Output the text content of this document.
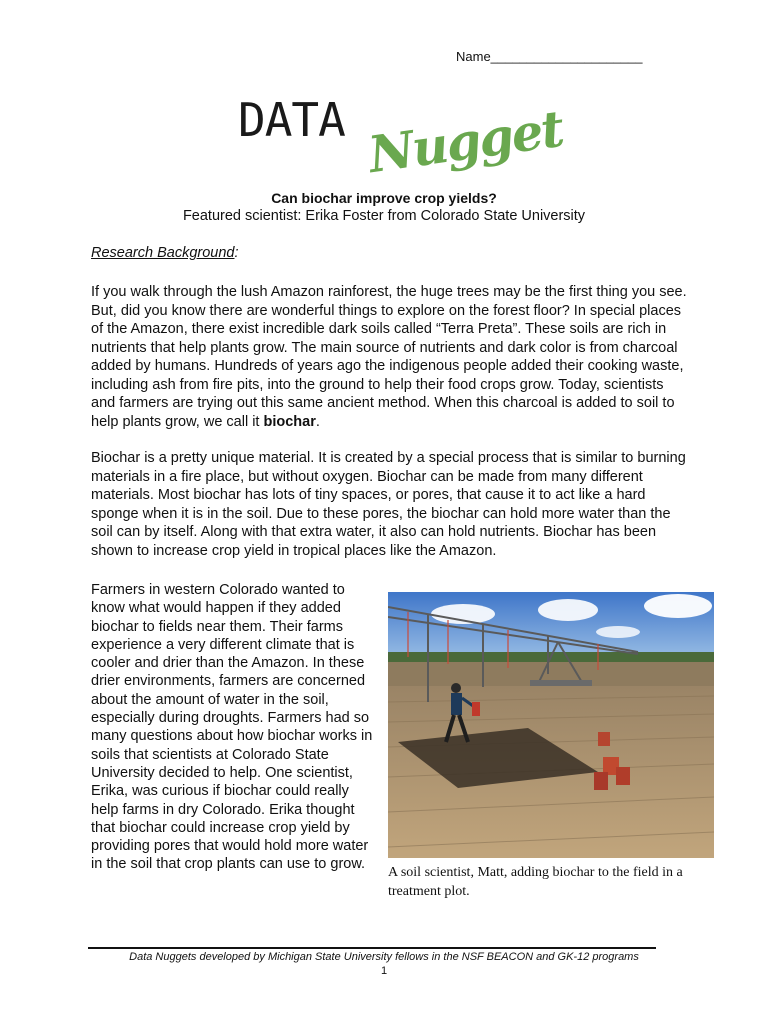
Name_____________________
DATA Nugget
Can biochar improve crop yields?
Featured scientist: Erika Foster from Colorado State University
Research Background:

If you walk through the lush Amazon rainforest, the huge trees may be the first thing you see. But, did you know there are wonderful things to explore on the forest floor? In special places of the Amazon, there exist incredible dark soils called “Terra Preta”. These soils are rich in nutrients that help plants grow. The main source of nutrients and dark color is from charcoal added by humans. Hundreds of years ago the indigenous people added their cooking waste, including ash from fire pits, into the ground to help their food crops grow. Today, scientists and farmers are trying out this same ancient method. When this charcoal is added to soil to help plants grow, we call it biochar.

Biochar is a pretty unique material. It is created by a special process that is similar to burning materials in a fire place, but without oxygen. Biochar can be made from many different materials. Most biochar has lots of tiny spaces, or pores, that cause it to act like a hard sponge when it is in the soil. Due to these pores, the biochar can hold more water than the soil can by itself. Along with that extra water, it also can hold nutrients. Biochar has been shown to increase crop yield in tropical places like the Amazon.

Farmers in western Colorado wanted to know what would happen if they added biochar to fields near them. Their farms experience a very different climate that is cooler and drier than the Amazon. In these drier environments, farmers are concerned about the amount of water in the soil, especially during droughts. Farmers had so many questions about how biochar works in soils that scientists at Colorado State University decided to help. One scientist, Erika, was curious if biochar could really help farms in dry Colorado. Erika thought that biochar could increase crop yield by providing pores that would hold more water in the soil that crop plants can use to grow.

A soil scientist, Matt, adding biochar to the field in a treatment plot.
Data Nuggets developed by Michigan State University fellows in the NSF BEACON and GK-12 programs
1
